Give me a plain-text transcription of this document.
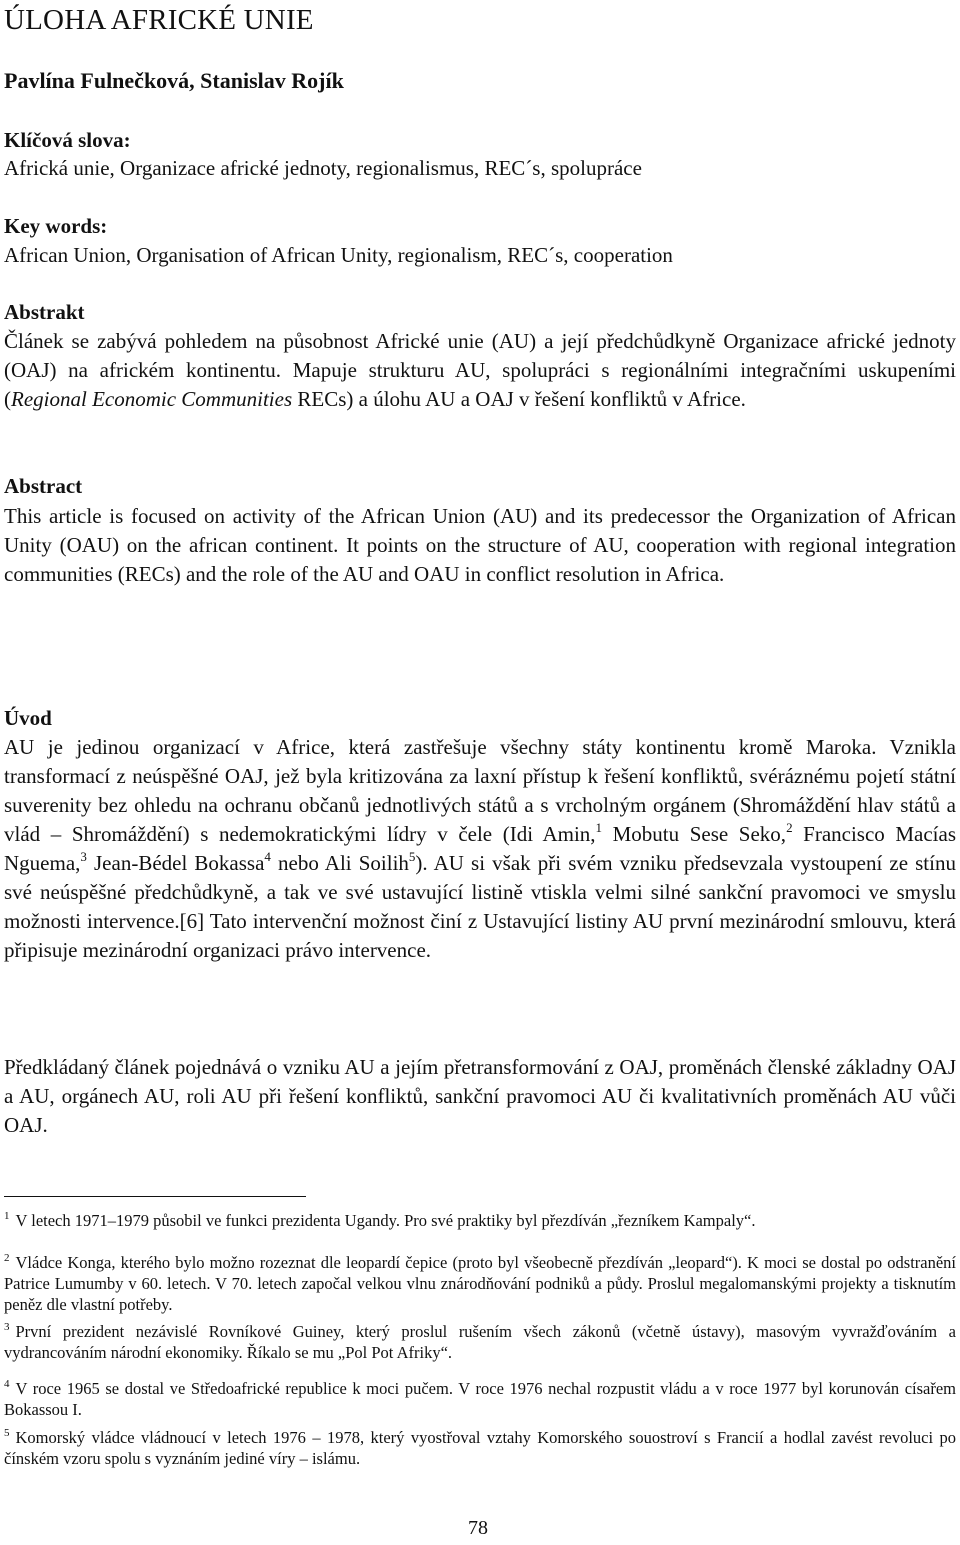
ÚLOHA AFRICKÉ UNIE
Pavlína Fulnečková, Stanislav Rojík
Klíčová slova:
Africká unie, Organizace africké jednoty, regionalismus, REC´s, spolupráce
Key words:
African Union, Organisation of African Unity, regionalism, REC´s, cooperation
Abstrakt

Článek se zabývá pohledem na působnost Africké unie (AU) a její předchůdkyně Organizace africké jednoty (OAJ) na africkém kontinentu. Mapuje strukturu AU, spolupráci s regionálními integračními uskupeními (Regional Economic Communities RECs) a úlohu AU a OAJ v řešení konfliktů v Africe.

Abstract

This article is focused on activity of the African Union (AU) and its predecessor the Organization of African Unity (OAU) on the african continent. It points on the structure of AU, cooperation with regional integration communities (RECs) and the role of the AU and OAU in conflict resolution in Africa.

Úvod

AU je jedinou organizací v Africe, která zastřešuje všechny státy kontinentu kromě Maroka. Vznikla transformací z neúspěšné OAJ, jež byla kritizována za laxní přístup k řešení konfliktů, svéráznému pojetí státní suverenity bez ohledu na ochranu občanů jednotlivých států a s vrcholným orgánem (Shromáždění hlav států a vlád – Shromáždění) s nedemokratickými lídry v čele (Idi Amin,$^1$ Mobutu Sese Seko,$^2$ Francisco Macías Nguema,$^3$ Jean-Bédel Bokassa$^4$ nebo Ali Soilih$^5$). AU si však při svém vzniku předsevzala vystoupení ze stínu své neúspěšné předchůdkyně, a tak ve své ustavující listině vtiskla velmi silné sankční pravomoci ve smyslu možnosti intervence.[6] Tato intervenční možnost činí z Ustavující listiny AU první mezinárodní smlouvu, která připisuje mezinárodní organizaci právo intervence.

Předkládaný článek pojednává o vzniku AU a jejím přetransformování z OAJ, proměnách členské základny OAJ a AU, orgánech AU, roli AU při řešení konfliktů, sankční pravomoci AU či kvalitativních proměnách AU vůči OAJ.

$^1$ V letech 1971–1979 působil ve funkci prezidenta Ugandy. Pro své praktiky byl přezdíván „řezníkem Kampaly“.

$^2$ Vládce Konga, kterého bylo možno rozeznat dle leopardí čepice (proto byl všeobecně přezdíván „leopard“). K moci se dostal po odstranění Patrice Lumumby v 60. letech. V 70. letech započal velkou vlnu znárodňování podniků a půdy. Proslul megalomanskými projekty a tisknutím peněz dle vlastní potřeby.

$^3$ První prezident nezávislé Rovníkové Guiney, který proslul rušením všech zákonů (včetně ústavy), masovým vyvražďováním a vydrancováním národní ekonomiky. Říkalo se mu „Pol Pot Afriky“.

$^4$ V roce 1965 se dostal ve Středoafrické republice k moci pučem. V roce 1976 nechal rozpustit vládu a v roce 1977 byl korunován císařem Bokassou I.

$^5$ Komorský vládce vládnoucí v letech 1976 – 1978, který vyostřoval vztahy Komorského souostroví s Francií a hodlal zavést revoluci po čínském vzoru spolu s vyznáním jediné víry – islámu.

78
